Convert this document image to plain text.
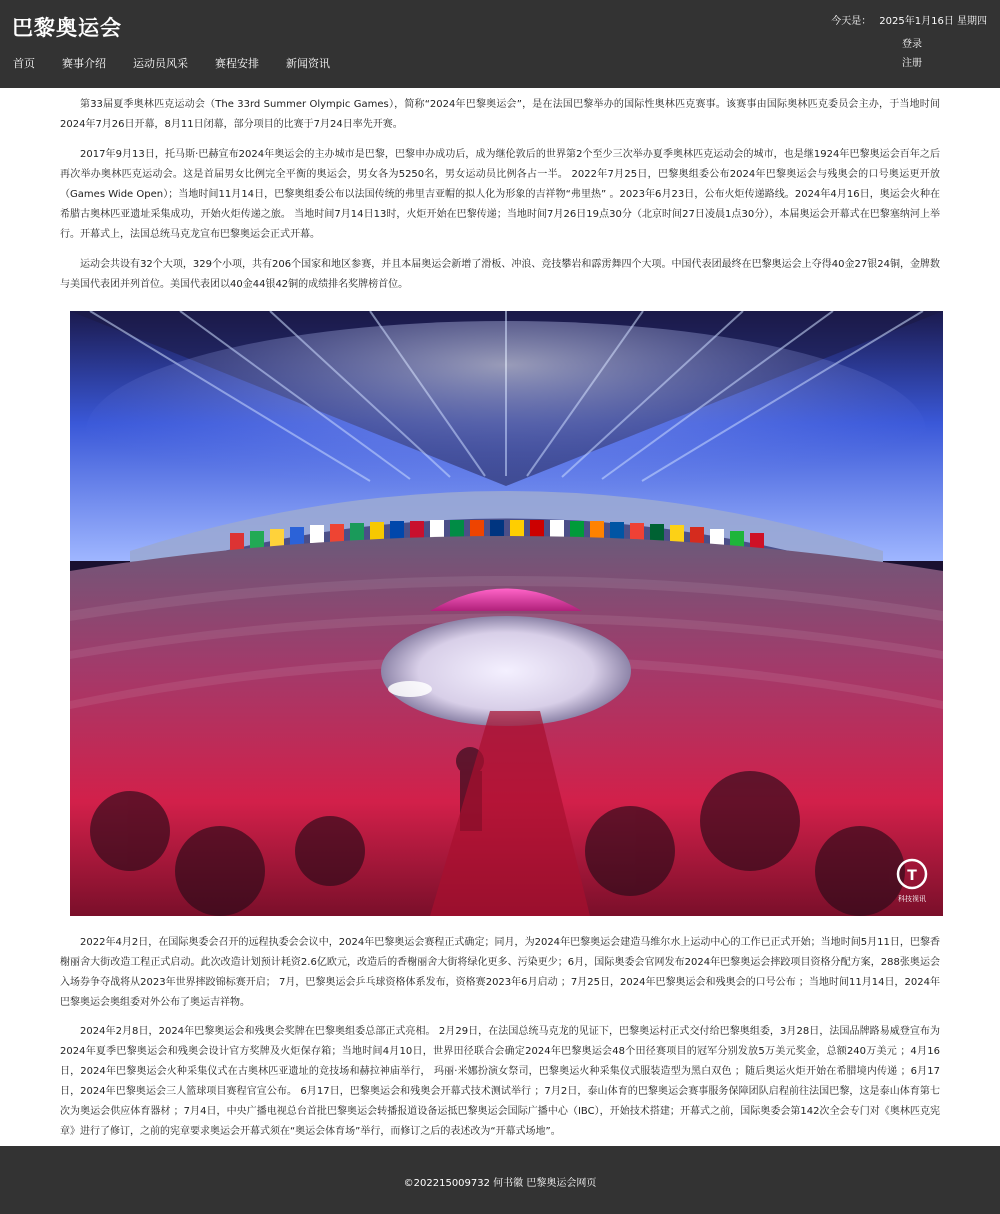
巴黎奥运会
首页	赛事介绍	运动员风采	赛程安排	新闻资讯
今天是： 2025年1月16日 星期四
登录
注册

第33届夏季奥林匹克运动会（The 33rd Summer Olympic Games），简称“2024年巴黎奥运会”，是在法国巴黎举办的国际性奥林匹克赛事。该赛事由国际奥林匹克委员会主办，于当地时间2024年7月26日开幕，8月11日闭幕，部分项目的比赛于7月24日率先开赛。

2017年9月13日，托马斯·巴赫宣布2024年奥运会的主办城市是巴黎，巴黎申办成功后，成为继伦敦后的世界第2个至少三次举办夏季奥林匹克运动会的城市，也是继1924年巴黎奥运会百年之后再次举办奥林匹克运动会。这是首届男女比例完全平衡的奥运会，男女各为5250名，男女运动员比例各占一半。 2022年7月25日，巴黎奥组委公布2024年巴黎奥运会与残奥会的口号奥运更开放（Games Wide Open）；当地时间11月14日，巴黎奥组委公布以法国传统的弗里吉亚帽的拟人化为形象的吉祥物“弗里热” 。2023年6月23日，公布火炬传递路线。2024年4月16日，奥运会火种在希腊古奥林匹亚遗址采集成功，开始火炬传递之旅。 当地时间7月14日13时，火炬开始在巴黎传递；当地时间7月26日19点30分（北京时间27日凌晨1点30分），本届奥运会开幕式在巴黎塞纳河上举行。开幕式上，法国总统马克龙宣布巴黎奥运会正式开幕。

运动会共设有32个大项，329个小项，共有206个国家和地区参赛，并且本届奥运会新增了滑板、冲浪、竞技攀岩和霹雳舞四个大项。中国代表团最终在巴黎奥运会上夺得40金27银24铜，金牌数与美国代表团并列首位。美国代表团以40金44银42铜的成绩排名奖牌榜首位。

2022年4月2日，在国际奥委会召开的远程执委会会议中，2024年巴黎奥运会赛程正式确定；同月，为2024年巴黎奥运会建造马维尔水上运动中心的工作已正式开始；当地时间5月11日，巴黎香榭丽舍大街改造工程正式启动。此次改造计划预计耗资2.6亿欧元，改造后的香榭丽舍大街将绿化更多、污染更少；6月，国际奥委会官网发布2024年巴黎奥运会摔跤项目资格分配方案，288张奥运会入场券争夺战将从2023年世界摔跤锦标赛开启； 7月，巴黎奥运会乒乓球资格体系发布，资格赛2023年6月启动 ；7月25日，2024年巴黎奥运会和残奥会的口号公布 ；当地时间11月14日，2024年巴黎奥运会奥组委对外公布了奥运吉祥物。

2024年2月8日，2024年巴黎奥运会和残奥会奖牌在巴黎奥组委总部正式亮相。 2月29日，在法国总统马克龙的见证下，巴黎奥运村正式交付给巴黎奥组委，3月28日，法国品牌路易威登宣布为2024年夏季巴黎奥运会和残奥会设计官方奖牌及火炬保存箱；当地时间4月10日，世界田径联合会确定2024年巴黎奥运会48个田径赛项目的冠军分别发放5万美元奖金，总额240万美元 ；4月16日，2024年巴黎奥运会火种采集仪式在古奥林匹亚遗址的竞技场和赫拉神庙举行， 玛丽·米娜扮演女祭司，巴黎奥运火种采集仪式服装造型为黑白双色 ；随后奥运火炬开始在希腊境内传递 ；6月17日，2024年巴黎奥运会三人篮球项目赛程官宣公布。 6月17日，巴黎奥运会和残奥会开幕式技术测试举行 ；7月2日，泰山体育的巴黎奥运会赛事服务保障团队启程前往法国巴黎，这是泰山体育第七次为奥运会供应体育器材 ；7月4日，中央广播电视总台首批巴黎奥运会转播报道设备运抵巴黎奥运会国际广播中心（IBC），开始技术搭建；开幕式之前，国际奥委会第142次全会专门对《奥林匹克宪章》进行了修订，之前的宪章要求奥运会开幕式须在“奥运会体育场”举行，而修订之后的表述改为“开幕式场地”。

T
科技视讯
©202215009732 何书徽 巴黎奥运会网页
